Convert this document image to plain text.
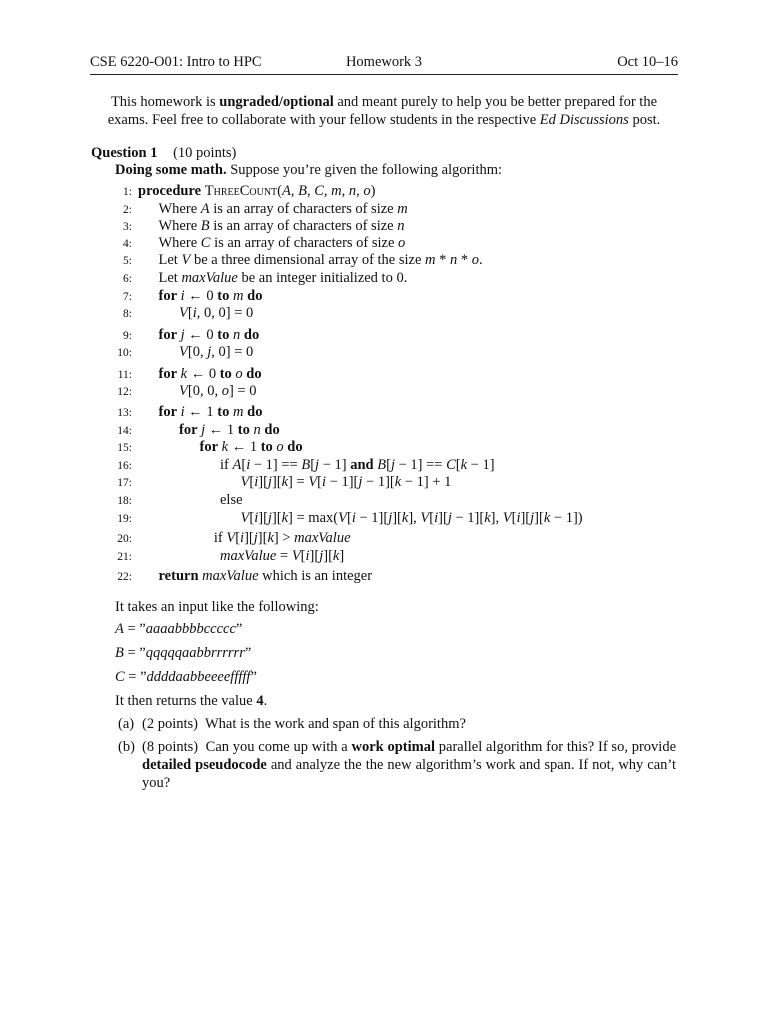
CSE 6220-O01: Intro to HPC	Homework 3	Oct 10–16
This homework is ungraded/optional and meant purely to help you be better prepared for the exams. Feel free to collaborate with your fellow students in the respective Ed Discussions post.
Question 1 (10 points)
Doing some math. Suppose you’re given the following algorithm:
1: procedure ThreeCount(A, B, C, m, n, o)
2: Where A is an array of characters of size m
3: Where B is an array of characters of size n
4: Where C is an array of characters of size o
5: Let V be a three dimensional array of the size m * n * o.
6: Let maxValue be an integer initialized to 0.
7: for i ← 0 to m do
8:	V[i, 0, 0] = 0
9: for j ← 0 to n do
10:	V[0, j, 0] = 0
11: for k ← 0 to o do
12:	V[0, 0, o] = 0
13: for i ← 1 to m do
14:	for j ← 1 to n do
15:	for k ← 1 to o do
16:	if A[i − 1] == B[j − 1] and B[j − 1] == C[k − 1]
17:	V[i][j][k] = V[i − 1][j − 1][k − 1] + 1
18:	else
19:	V[i][j][k] = max(V[i − 1][j][k], V[i][j − 1][k], V[i][j][k − 1])
20:	if V[i][j][k] > maxValue
21:	maxValue = V[i][j][k]
22: return maxValue which is an integer
It takes an input like the following:
A = ”aaaabbbbccccc”
B = ”qqqqqaabbrrrrrr”
C = ”ddddaabbeeeefffff”
It then returns the value 4.
(a) (2 points) What is the work and span of this algorithm?
(b) (8 points) Can you come up with a work optimal parallel algorithm for this? If so, provide detailed pseudocode and analyze the the new algorithm’s work and span. If not, why can’t you?
